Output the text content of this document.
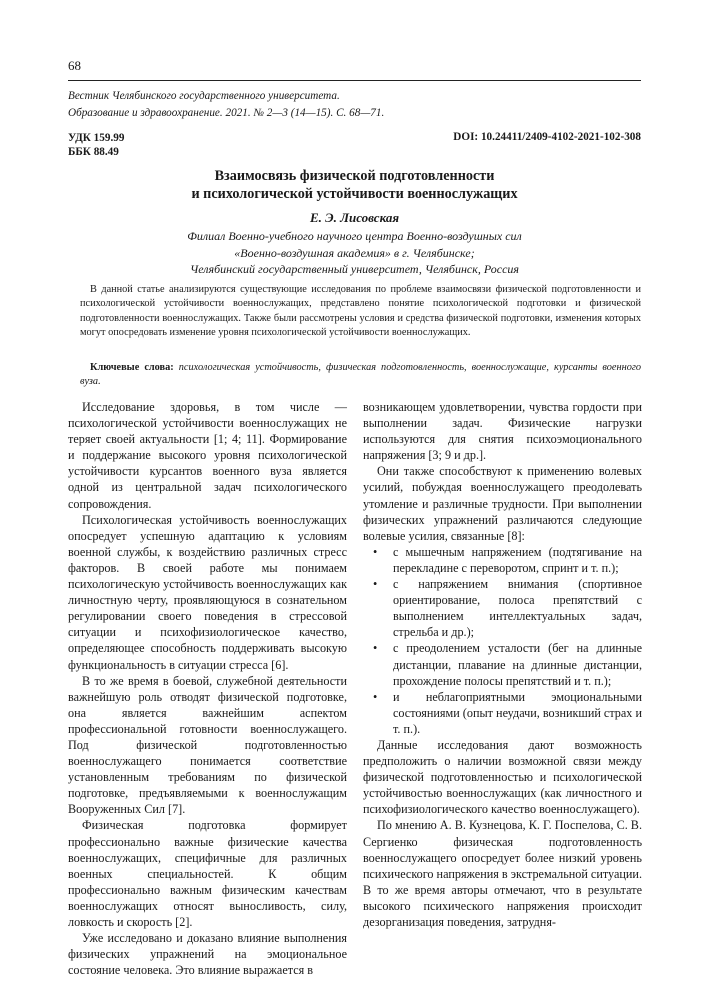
68
Вестник Челябинского государственного университета.
Образование и здравоохранение. 2021. № 2—3 (14—15). С. 68—71.
УДК 159.99
ББК 88.49
DOI: 10.24411/2409-4102-2021-102-308
Взаимосвязь физической подготовленности
и психологической устойчивости военнослужащих
Е. Э. Лисовская
Филиал Военно-учебного научного центра Военно-воздушных сил
«Военно-воздушная академия» в г. Челябинске;
Челябинский государственный университет, Челябинск, Россия

В данной статье анализируются существующие исследования по проблеме взаимосвязи физической подготовленности и психологической устойчивости военнослужащих, представлено понятие психологической подготовки и физической подготовленности военнослужащих. Также были рассмотрены условия и средства физической подготовки, изменения которых могут опосредовать изменение уровня психологической устойчивости военнослужащих.

Ключевые слова: психологическая устойчивость, физическая подготовленность, военнослужащие, курсанты военного вуза.

Исследование здоровья, в том числе — психологической устойчивости военнослужащих не теряет своей актуальности [1; 4; 11]. Формирование и поддержание высокого уровня психологической устойчивости курсантов военного вуза является одной из центральной задач психологического сопровождения.

Психологическая устойчивость военнослужащих опосредует успешную адаптацию к условиям военной службы, к воздействию различных стресс факторов. В своей работе мы понимаем психологическую устойчивость военнослужащих как личностную черту, проявляющуюся в сознательном регулировании своего поведения в стрессовой ситуации и психофизиологическое качество, определяющее способность поддерживать высокую функциональность в ситуации стресса [6].

В то же время в боевой, служебной деятельности важнейшую роль отводят физической подготовке, она является важнейшим аспектом профессиональной готовности военнослужащего. Под физической подготовленностью военнослужащего понимается соответствие установленным требованиям по физической подготовке, предъявляемыми к военнослужащим Вооруженных Сил [7].

Физическая подготовка формирует профессионально важные физические качества военнослужащих, специфичные для различных военных специальностей. К общим профессионально важным физическим качествам военнослужащих относят выносливость, силу, ловкость и скорость [2].

Уже исследовано и доказано влияние выполнения физических упражнений на эмоциональное состояние человека. Это влияние выражается в

возникающем удовлетворении, чувства гордости при выполнении задач. Физические нагрузки используются для снятия психоэмоционального напряжения [3; 9 и др.].

Они также способствуют к применению волевых усилий, побуждая военнослужащего преодолевать утомление и различные трудности. При выполнении физических упражнений различаются следующие волевые усилия, связанные [8]:

• с мышечным напряжением (подтягивание на перекладине с переворотом, спринт и т. п.);
• с напряжением внимания (спортивное ориентирование, полоса препятствий с выполнением интеллектуальных задач, стрельба и др.);
• с преодолением усталости (бег на длинные дистанции, плавание на длинные дистанции, прохождение полосы препятствий и т. п.);
• и неблагоприятными эмоциональными состояниями (опыт неудачи, возникший страх и т. п.).

Данные исследования дают возможность предположить о наличии возможной связи между физической подготовленностью и психологической устойчивостью военнослужащих (как личностного и психофизиологического качество военнослужащего).

По мнению А. В. Кузнецова, К. Г. Поспелова, С. В. Сергиенко физическая подготовленность военнослужащего опосредует более низкий уровень психического напряжения в экстремальной ситуации. В то же время авторы отмечают, что в результате высокого психического напряжения происходит дезорганизация поведения, затрудня-
